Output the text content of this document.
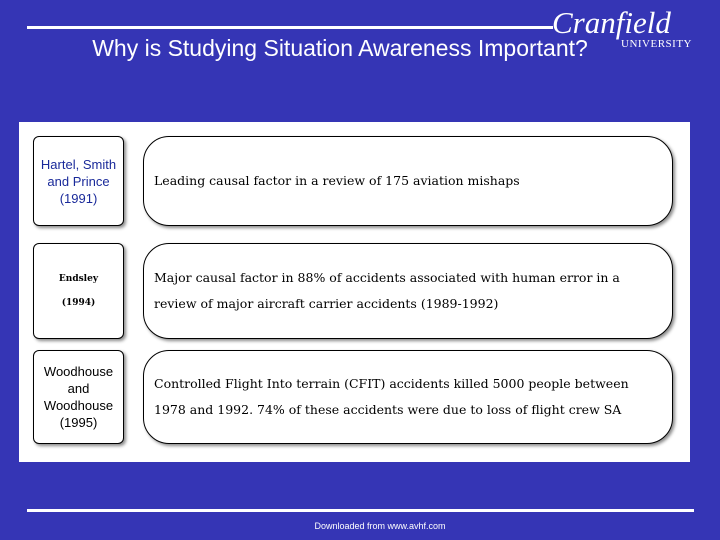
Cranfield
UNIVERSITY
Why is Studying Situation Awareness Important?
Hartel, Smith
and Prince
(1991)
Leading causal factor in a review of 175 aviation mishaps
Endsley
(1994)
Major causal factor in 88% of accidents associated with human error in a review of major aircraft carrier accidents (1989-1992)
Woodhouse
and
Woodhouse
(1995)
Controlled Flight Into terrain (CFIT) accidents killed 5000 people between 1978 and 1992. 74% of these accidents were due to loss of flight crew SA
Downloaded from www.avhf.com
